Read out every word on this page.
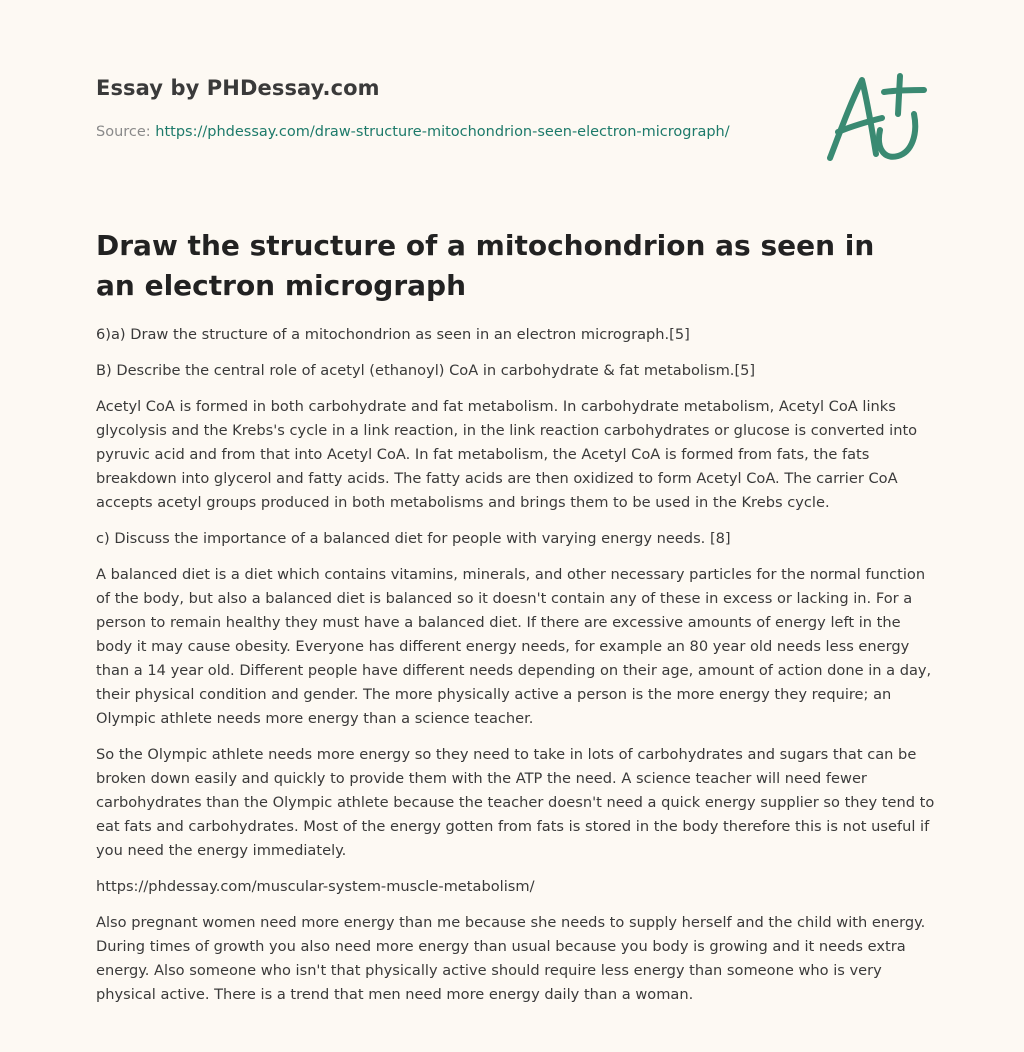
Essay by PHDessay.com
Source: https://phdessay.com/draw-structure-mitochondrion-seen-electron-micrograph/
Draw the structure of a mitochondrion as seen in an electron micrograph

6)a) Draw the structure of a mitochondrion as seen in an electron micrograph.[5]

B) Describe the central role of acetyl (ethanoyl) CoA in carbohydrate & fat metabolism.[5]

Acetyl CoA is formed in both carbohydrate and fat metabolism. In carbohydrate metabolism, Acetyl CoA links glycolysis and the Krebs's cycle in a link reaction, in the link reaction carbohydrates or glucose is converted into pyruvic acid and from that into Acetyl CoA. In fat metabolism, the Acetyl CoA is formed from fats, the fats breakdown into glycerol and fatty acids. The fatty acids are then oxidized to form Acetyl CoA. The carrier CoA accepts acetyl groups produced in both metabolisms and brings them to be used in the Krebs cycle.

c) Discuss the importance of a balanced diet for people with varying energy needs. [8]

A balanced diet is a diet which contains vitamins, minerals, and other necessary particles for the normal function of the body, but also a balanced diet is balanced so it doesn't contain any of these in excess or lacking in. For a person to remain healthy they must have a balanced diet. If there are excessive amounts of energy left in the body it may cause obesity. Everyone has different energy needs, for example an 80 year old needs less energy than a 14 year old. Different people have different needs depending on their age, amount of action done in a day, their physical condition and gender. The more physically active a person is the more energy they require; an Olympic athlete needs more energy than a science teacher.

So the Olympic athlete needs more energy so they need to take in lots of carbohydrates and sugars that can be broken down easily and quickly to provide them with the ATP the need. A science teacher will need fewer carbohydrates than the Olympic athlete because the teacher doesn't need a quick energy supplier so they tend to eat fats and carbohydrates. Most of the energy gotten from fats is stored in the body therefore this is not useful if you need the energy immediately.

https://phdessay.com/muscular-system-muscle-metabolism/

Also pregnant women need more energy than me because she needs to supply herself and the child with energy. During times of growth you also need more energy than usual because you body is growing and it needs extra energy. Also someone who isn't that physically active should require less energy than someone who is very physical active. There is a trend that men need more energy daily than a woman.
